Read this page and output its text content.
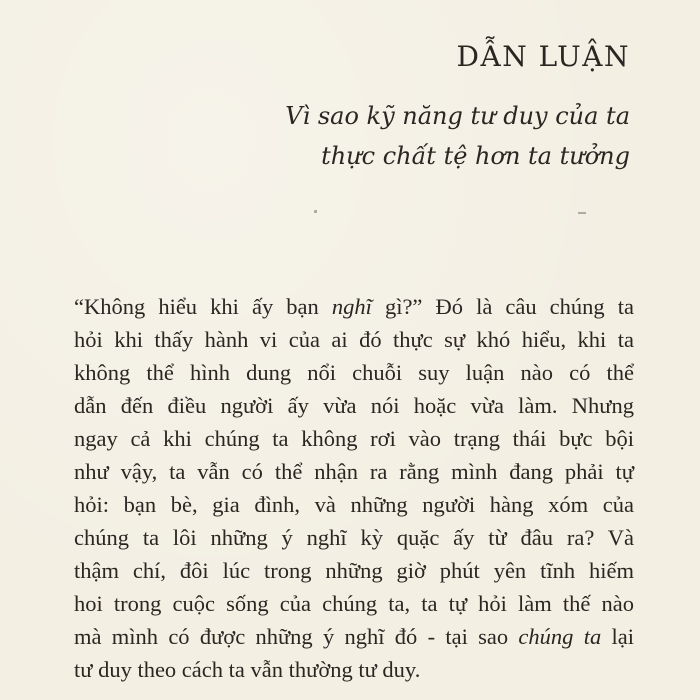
DẪN LUẬN
Vì sao kỹ năng tư duy của ta
thực chất tệ hơn ta tưởng
“Không hiểu khi ấy bạn nghĩ gì?” Đó là câu chúng ta
hỏi khi thấy hành vi của ai đó thực sự khó hiểu, khi ta
không thể hình dung nổi chuỗi suy luận nào có thể
dẫn đến điều người ấy vừa nói hoặc vừa làm. Nhưng
ngay cả khi chúng ta không rơi vào trạng thái bực bội
như vậy, ta vẫn có thể nhận ra rằng mình đang phải tự
hỏi: bạn bè, gia đình, và những người hàng xóm của
chúng ta lôi những ý nghĩ kỳ quặc ấy từ đâu ra? Và
thậm chí, đôi lúc trong những giờ phút yên tĩnh hiếm
hoi trong cuộc sống của chúng ta, ta tự hỏi làm thế nào
mà mình có được những ý nghĩ đó - tại sao chúng ta lại
tư duy theo cách ta vẫn thường tư duy.
